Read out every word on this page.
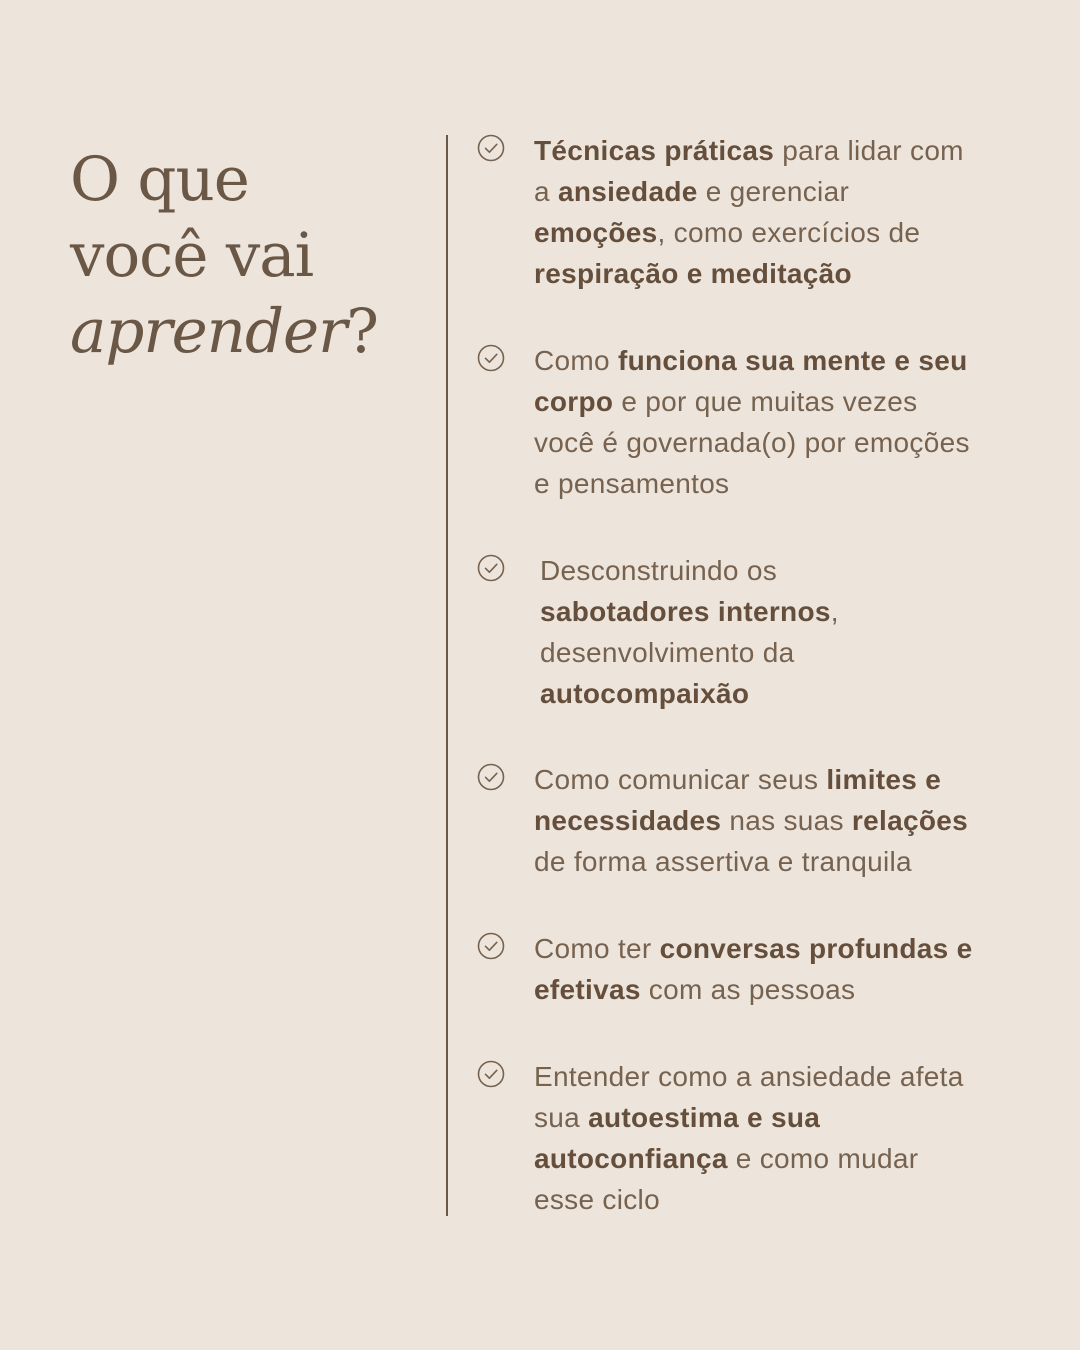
O que
você vai
aprender?

Técnicas práticas para lidar com a ansiedade e gerenciar emoções, como exercícios de respiração e meditação

Como funciona sua mente e seu corpo e por que muitas vezes você é governada(o) por emoções e pensamentos

Desconstruindo os sabotadores internos, desenvolvimento da autocompaixão

Como comunicar seus limites e necessidades nas suas relações de forma assertiva e tranquila

Como ter conversas profundas e efetivas com as pessoas

Entender como a ansiedade afeta sua autoestima e sua autoconfiança e como mudar esse ciclo
